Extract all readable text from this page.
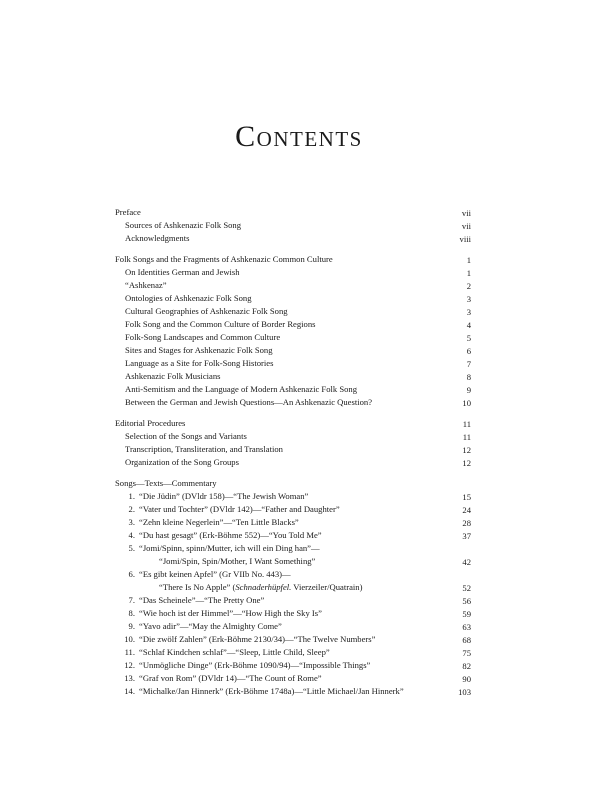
Contents
Preface	vii
Sources of Ashkenazic Folk Song	vii
Acknowledgments	viii
Folk Songs and the Fragments of Ashkenazic Common Culture	1
On Identities German and Jewish	1
“Ashkenaz”	2
Ontologies of Ashkenazic Folk Song	3
Cultural Geographies of Ashkenazic Folk Song	3
Folk Song and the Common Culture of Border Regions	4
Folk-Song Landscapes and Common Culture	5
Sites and Stages for Ashkenazic Folk Song	6
Language as a Site for Folk-Song Histories	7
Ashkenazic Folk Musicians	8
Anti-Semitism and the Language of Modern Ashkenazic Folk Song	9
Between the German and Jewish Questions—An Ashkenazic Question?	10
Editorial Procedures	11
Selection of the Songs and Variants	11
Transcription, Transliteration, and Translation	12
Organization of the Song Groups	12
Songs—Texts—Commentary
1. “Die Jüdin” (DVldr 158)—“The Jewish Woman”	15
2. “Vater und Tochter” (DVldr 142)—“Father and Daughter”	24
3. “Zehn kleine Negerlein”—“Ten Little Blacks”	28
4. “Du hast gesagt” (Erk-Böhme 552)—“You Told Me”	37
5. “Jomi/Spinn, spinn/Mutter, ich will ein Ding han”—
“Jomi/Spin, Spin/Mother, I Want Something”	42
6. “Es gibt keinen Apfel” (Gr VIIb No. 443)—
“There Is No Apple” (Schnaderhüpfel. Vierzeiler/Quatrain)	52
7. “Das Scheinele”—“The Pretty One”	56
8. “Wie hoch ist der Himmel”—“How High the Sky Is”	59
9. “Yavo adir”—“May the Almighty Come”	63
10. “Die zwölf Zahlen” (Erk-Böhme 2130/34)—“The Twelve Numbers”	68
11. “Schlaf Kindchen schlaf”—“Sleep, Little Child, Sleep”	75
12. “Unmögliche Dinge” (Erk-Böhme 1090/94)—“Impossible Things”	82
13. “Graf von Rom” (DVldr 14)—“The Count of Rome”	90
14. “Michalke/Jan Hinnerk” (Erk-Böhme 1748a)—“Little Michael/Jan Hinnerk”	103
